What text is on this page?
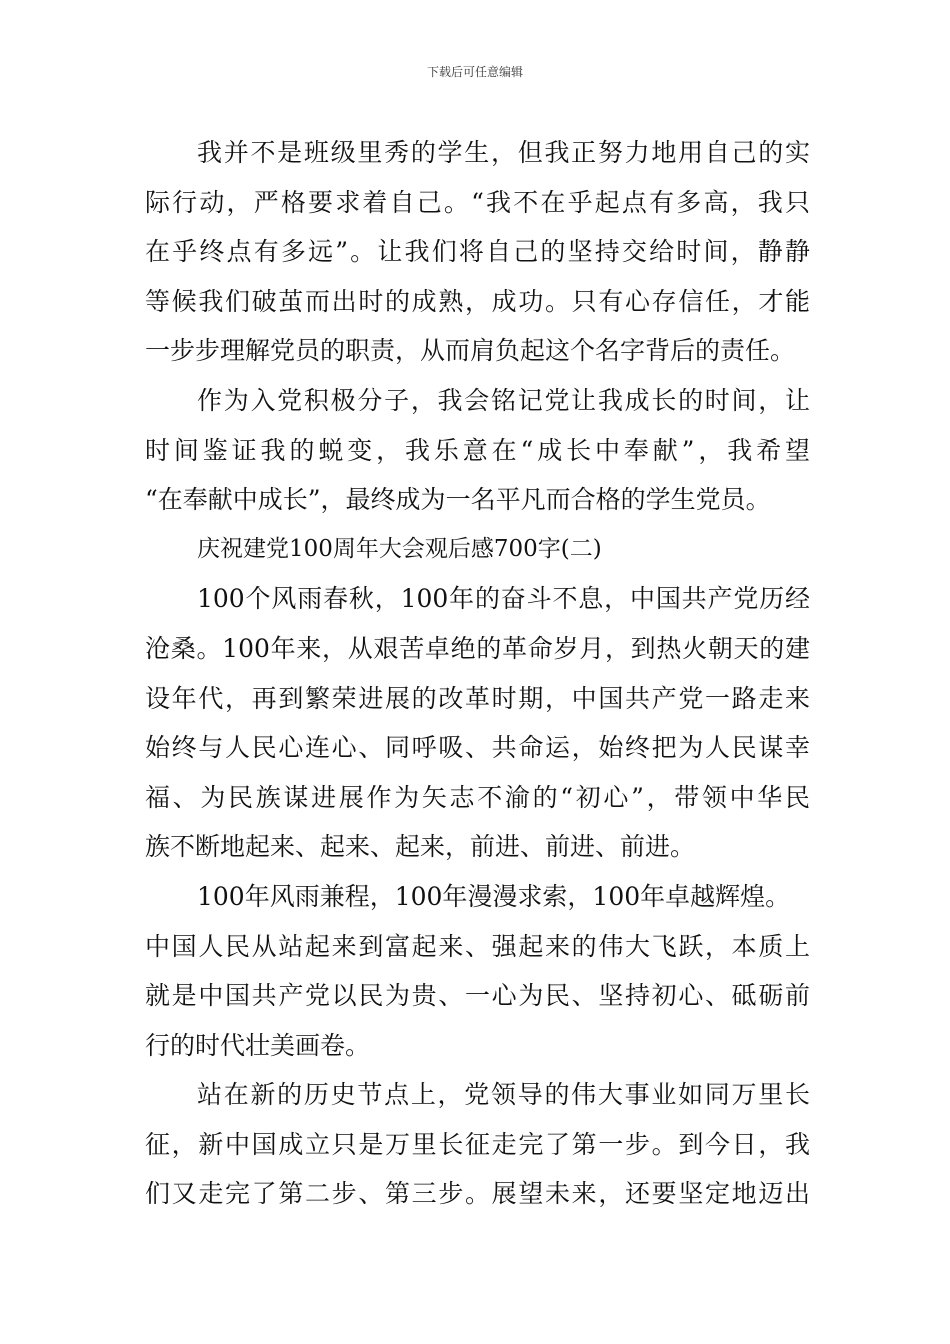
下载后可任意编辑
我并不是班级里秀的学生，但我正努力地用自己的实
际行动，严格要求着自己。“我不在乎起点有多高，我只
在乎终点有多远”。让我们将自己的坚持交给时间，静静
等候我们破茧而出时的成熟，成功。只有心存信任，才能
一步步理解党员的职责，从而肩负起这个名字背后的责任。
作为入党积极分子，我会铭记党让我成长的时间，让
时间鉴证我的蜕变，我乐意在“成长中奉献”，我希望
“在奉献中成长”，最终成为一名平凡而合格的学生党员。
庆祝建党100周年大会观后感700字(二)
100个风雨春秋，100年的奋斗不息，中国共产党历经
沧桑。100年来，从艰苦卓绝的革命岁月，到热火朝天的建
设年代，再到繁荣进展的改革时期，中国共产党一路走来
始终与人民心连心、同呼吸、共命运，始终把为人民谋幸
福、为民族谋进展作为矢志不渝的“初心”，带领中华民
族不断地起来、起来、起来，前进、前进、前进。
100年风雨兼程，100年漫漫求索，100年卓越辉煌。
中国人民从站起来到富起来、强起来的伟大飞跃，本质上
就是中国共产党以民为贵、一心为民、坚持初心、砥砺前
行的时代壮美画卷。
站在新的历史节点上，党领导的伟大事业如同万里长
征，新中国成立只是万里长征走完了第一步。到今日，我
们又走完了第二步、第三步。展望未来，还要坚定地迈出
